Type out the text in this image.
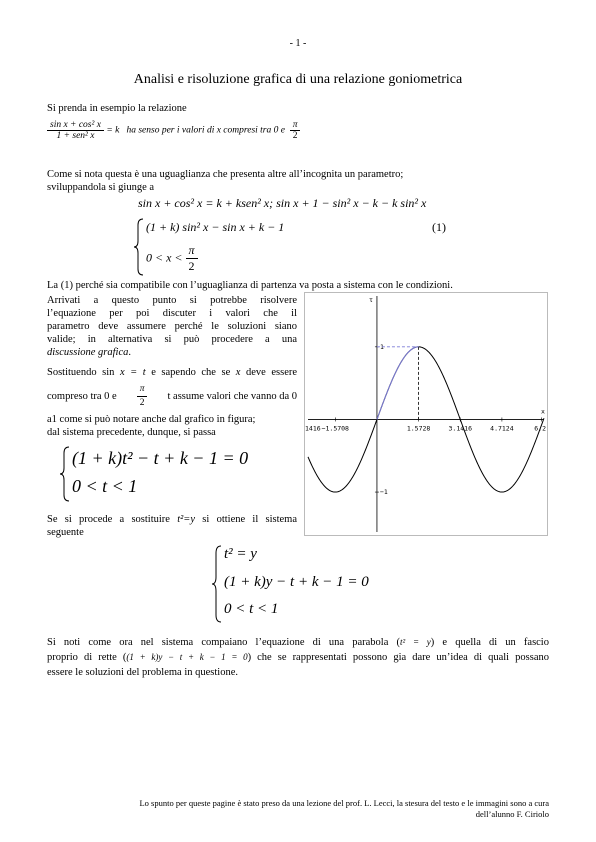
- 1 -
Analisi e risoluzione grafica di una relazione goniometrica
Si prenda in esempio la relazione
$\frac{\text{sin x + cos² x}}{\text{1 + sen² x}} = k$ ha senso per i valori di x compresi tra 0 e $\frac{\pi}{2}$
Come si nota questa è una uguaglianza che presenta altre all’incognita un parametro;
sviluppandola si giunge a
sin x + cos² x = k + ksen² x; sin x + 1 − sin² x − k − k sin² x
(1 + k) sin² x − sin x + k − 1	(1)
$0 < x < \frac{\pi}{2}$
La (1) perché sia compatibile con l’uguaglianza di partenza va posta a sistema con le condizioni.
Arrivati a questo punto si potrebbe risolvere
l’equazione per poi discuter i valori che il
parametro deve assumere perché le soluzioni siano
valide; in alternativa si può procedere a una
discussione grafica.
Sostituendo sin x = t e sapendo che se x deve essere
compreso tra 0 e $\frac{\pi}{2}$ t assume valori che vanno da 0
a1 come si può notare anche dal grafico in figura;
dal sistema precedente, dunque, si passa
(1 + k)t² − t + k − 1 = 0
0 < t < 1
Se si procede a sostituire t²=y si ottiene il sistema
seguente
t² = y
(1 + k)y − t + k − 1 = 0
0 < t < 1
Si noti come ora nel sistema compaiano l’equazione di una parabola (t² = y) e quella di un fascio
proprio di rette ((1 + k)y − t + k − 1 = 0) che se rappresentati possono gia dare un’idea di quali possano
essere le soluzioni del problema in questione.
1416 −1.5708	1.5728	3.1416	4.7124	6.2
1
−1
x
τ
Lo spunto per queste pagine è stato preso da una lezione del prof. L. Lecci, la stesura del testo e le immagini sono a cura
dell’alunno F. Ciriolo
